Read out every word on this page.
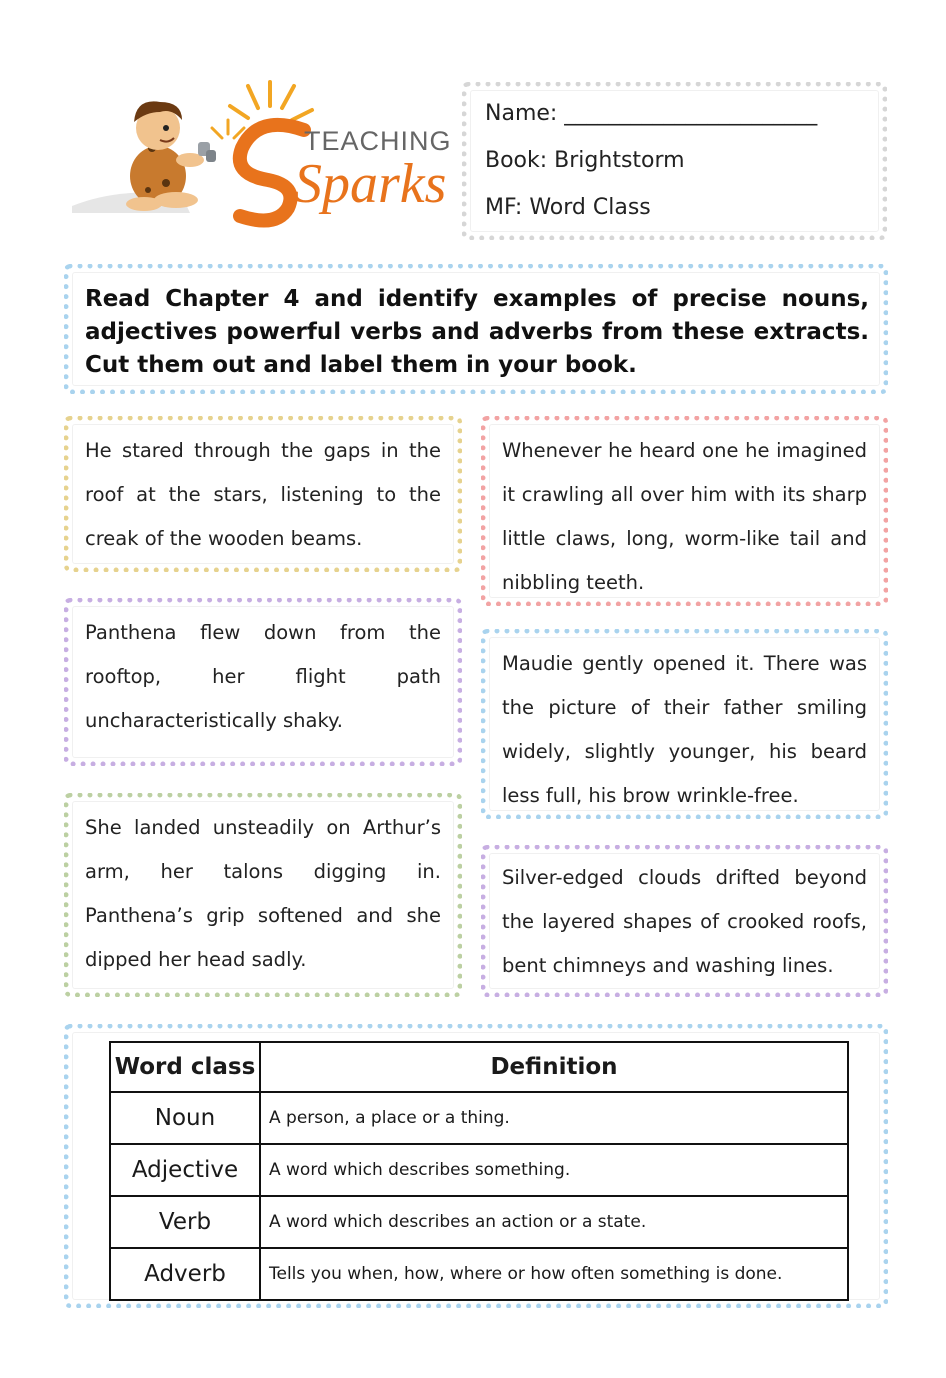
TEACHING
Sparks
Name: _______________________
Book: Brightstorm
MF: Word Class
Read Chapter 4 and identify examples of precise nouns, adjectives powerful verbs and adverbs from these extracts. Cut them out and label them in your book.
He stared through the gaps in the roof at the stars, listening to the creak of the wooden beams.
Whenever he heard one he imagined it crawling all over him with its sharp little claws, long, worm-like tail and nibbling teeth.
Panthena flew down from the rooftop, her flight path uncharacteristically shaky.
Maudie gently opened it. There was the picture of their father smiling widely, slightly younger, his beard less full, his brow wrinkle-free.
She landed unsteadily on Arthur’s arm, her talons digging in. Panthena’s grip softened and she dipped her head sadly.
Silver-edged clouds drifted beyond the layered shapes of crooked roofs, bent chimneys and washing lines.
Word class	Definition
Noun	A person, a place or a thing.
Adjective	A word which describes something.
Verb	A word which describes an action or a state.
Adverb	Tells you when, how, where or how often something is done.
